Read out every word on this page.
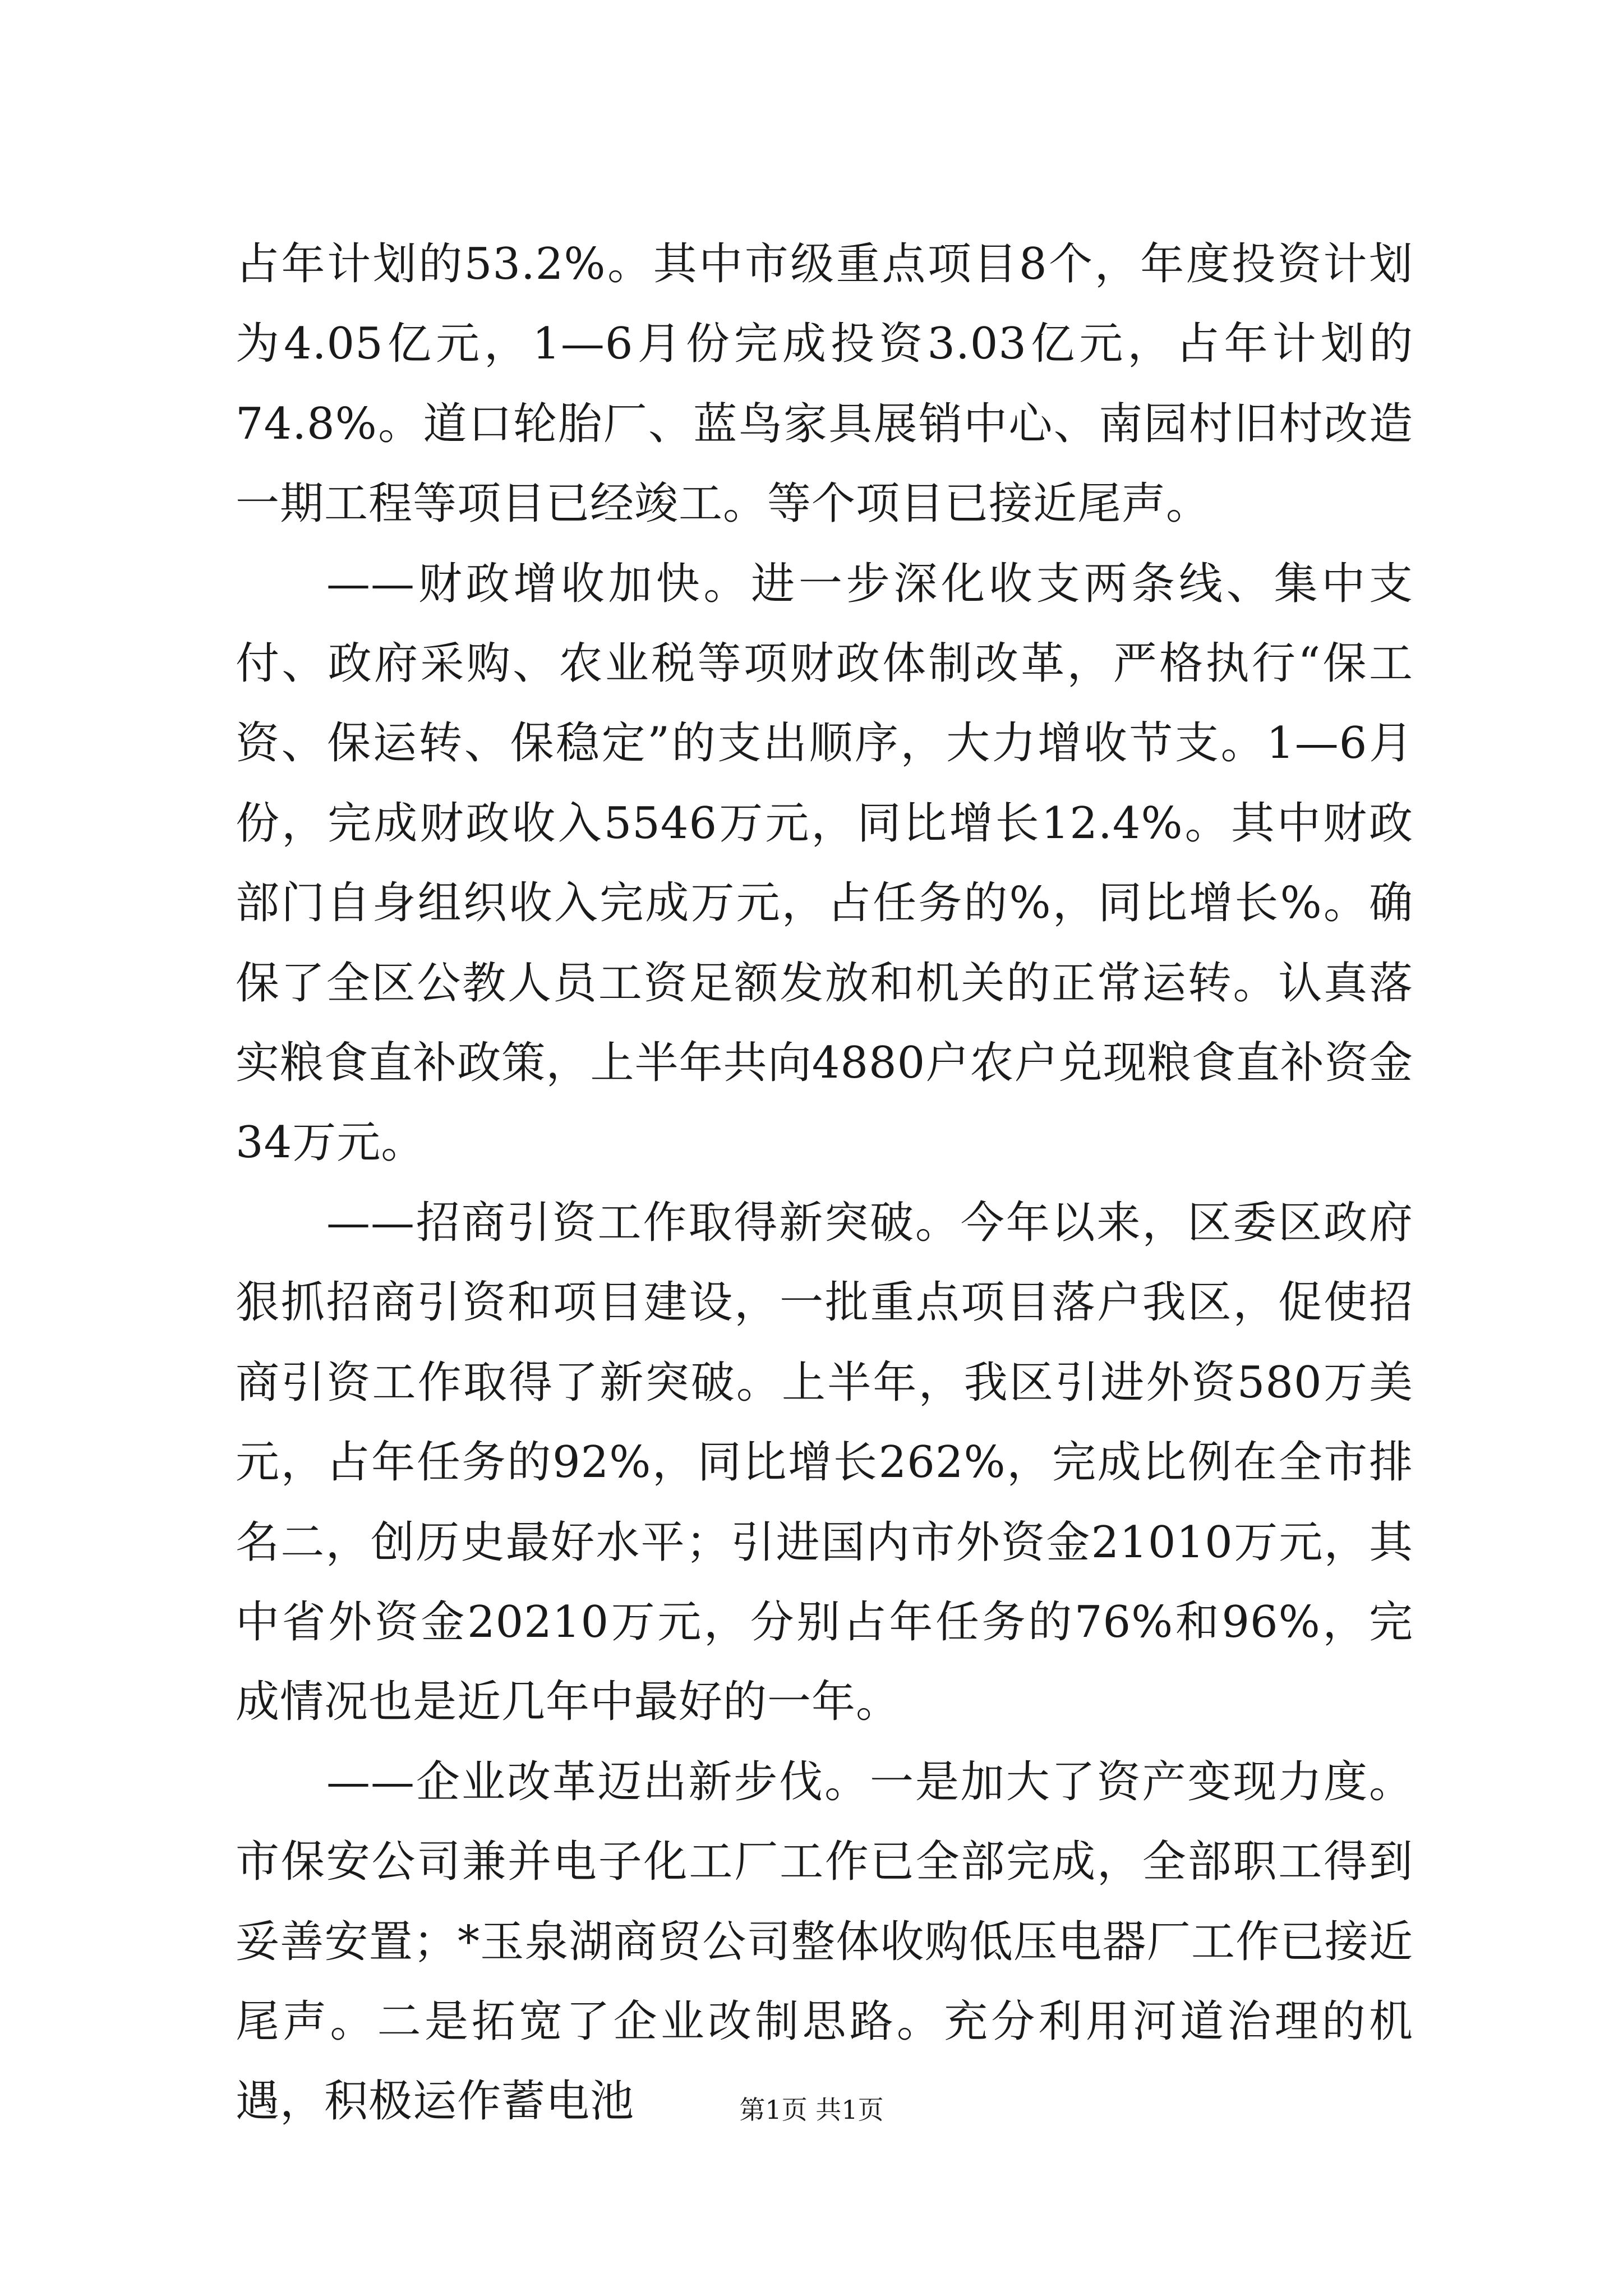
占年计划的53.2%。其中市级重点项目8个，年度投资计划为4.05亿元，1—6月份完成投资3.03亿元，占年计划的74.8%。道口轮胎厂、蓝鸟家具展销中心、南园村旧村改造一期工程等项目已经竣工。等个项目已接近尾声。

——财政增收加快。进一步深化收支两条线、集中支付、政府采购、农业税等项财政体制改革，严格执行“保工资、保运转、保稳定”的支出顺序，大力增收节支。1—6月份，完成财政收入5546万元，同比增长12.4%。其中财政部门自身组织收入完成万元，占任务的%，同比增长%。确保了全区公教人员工资足额发放和机关的正常运转。认真落实粮食直补政策，上半年共向4880户农户兑现粮食直补资金34万元。

——招商引资工作取得新突破。今年以来，区委区政府狠抓招商引资和项目建设，一批重点项目落户我区，促使招商引资工作取得了新突破。上半年，我区引进外资580万美元，占年任务的92%，同比增长262%，完成比例在全市排名二，创历史最好水平；引进国内市外资金21010万元，其中省外资金20210万元，分别占年任务的76%和96%，完成情况也是近几年中最好的一年。

——企业改革迈出新步伐。一是加大了资产变现力度。市保安公司兼并电子化工厂工作已全部完成，全部职工得到妥善安置；*玉泉湖商贸公司整体收购低压电器厂工作已接近尾声。二是拓宽了企业改制思路。充分利用河道治理的机遇，积极运作蓄电池	第1页 共1页
